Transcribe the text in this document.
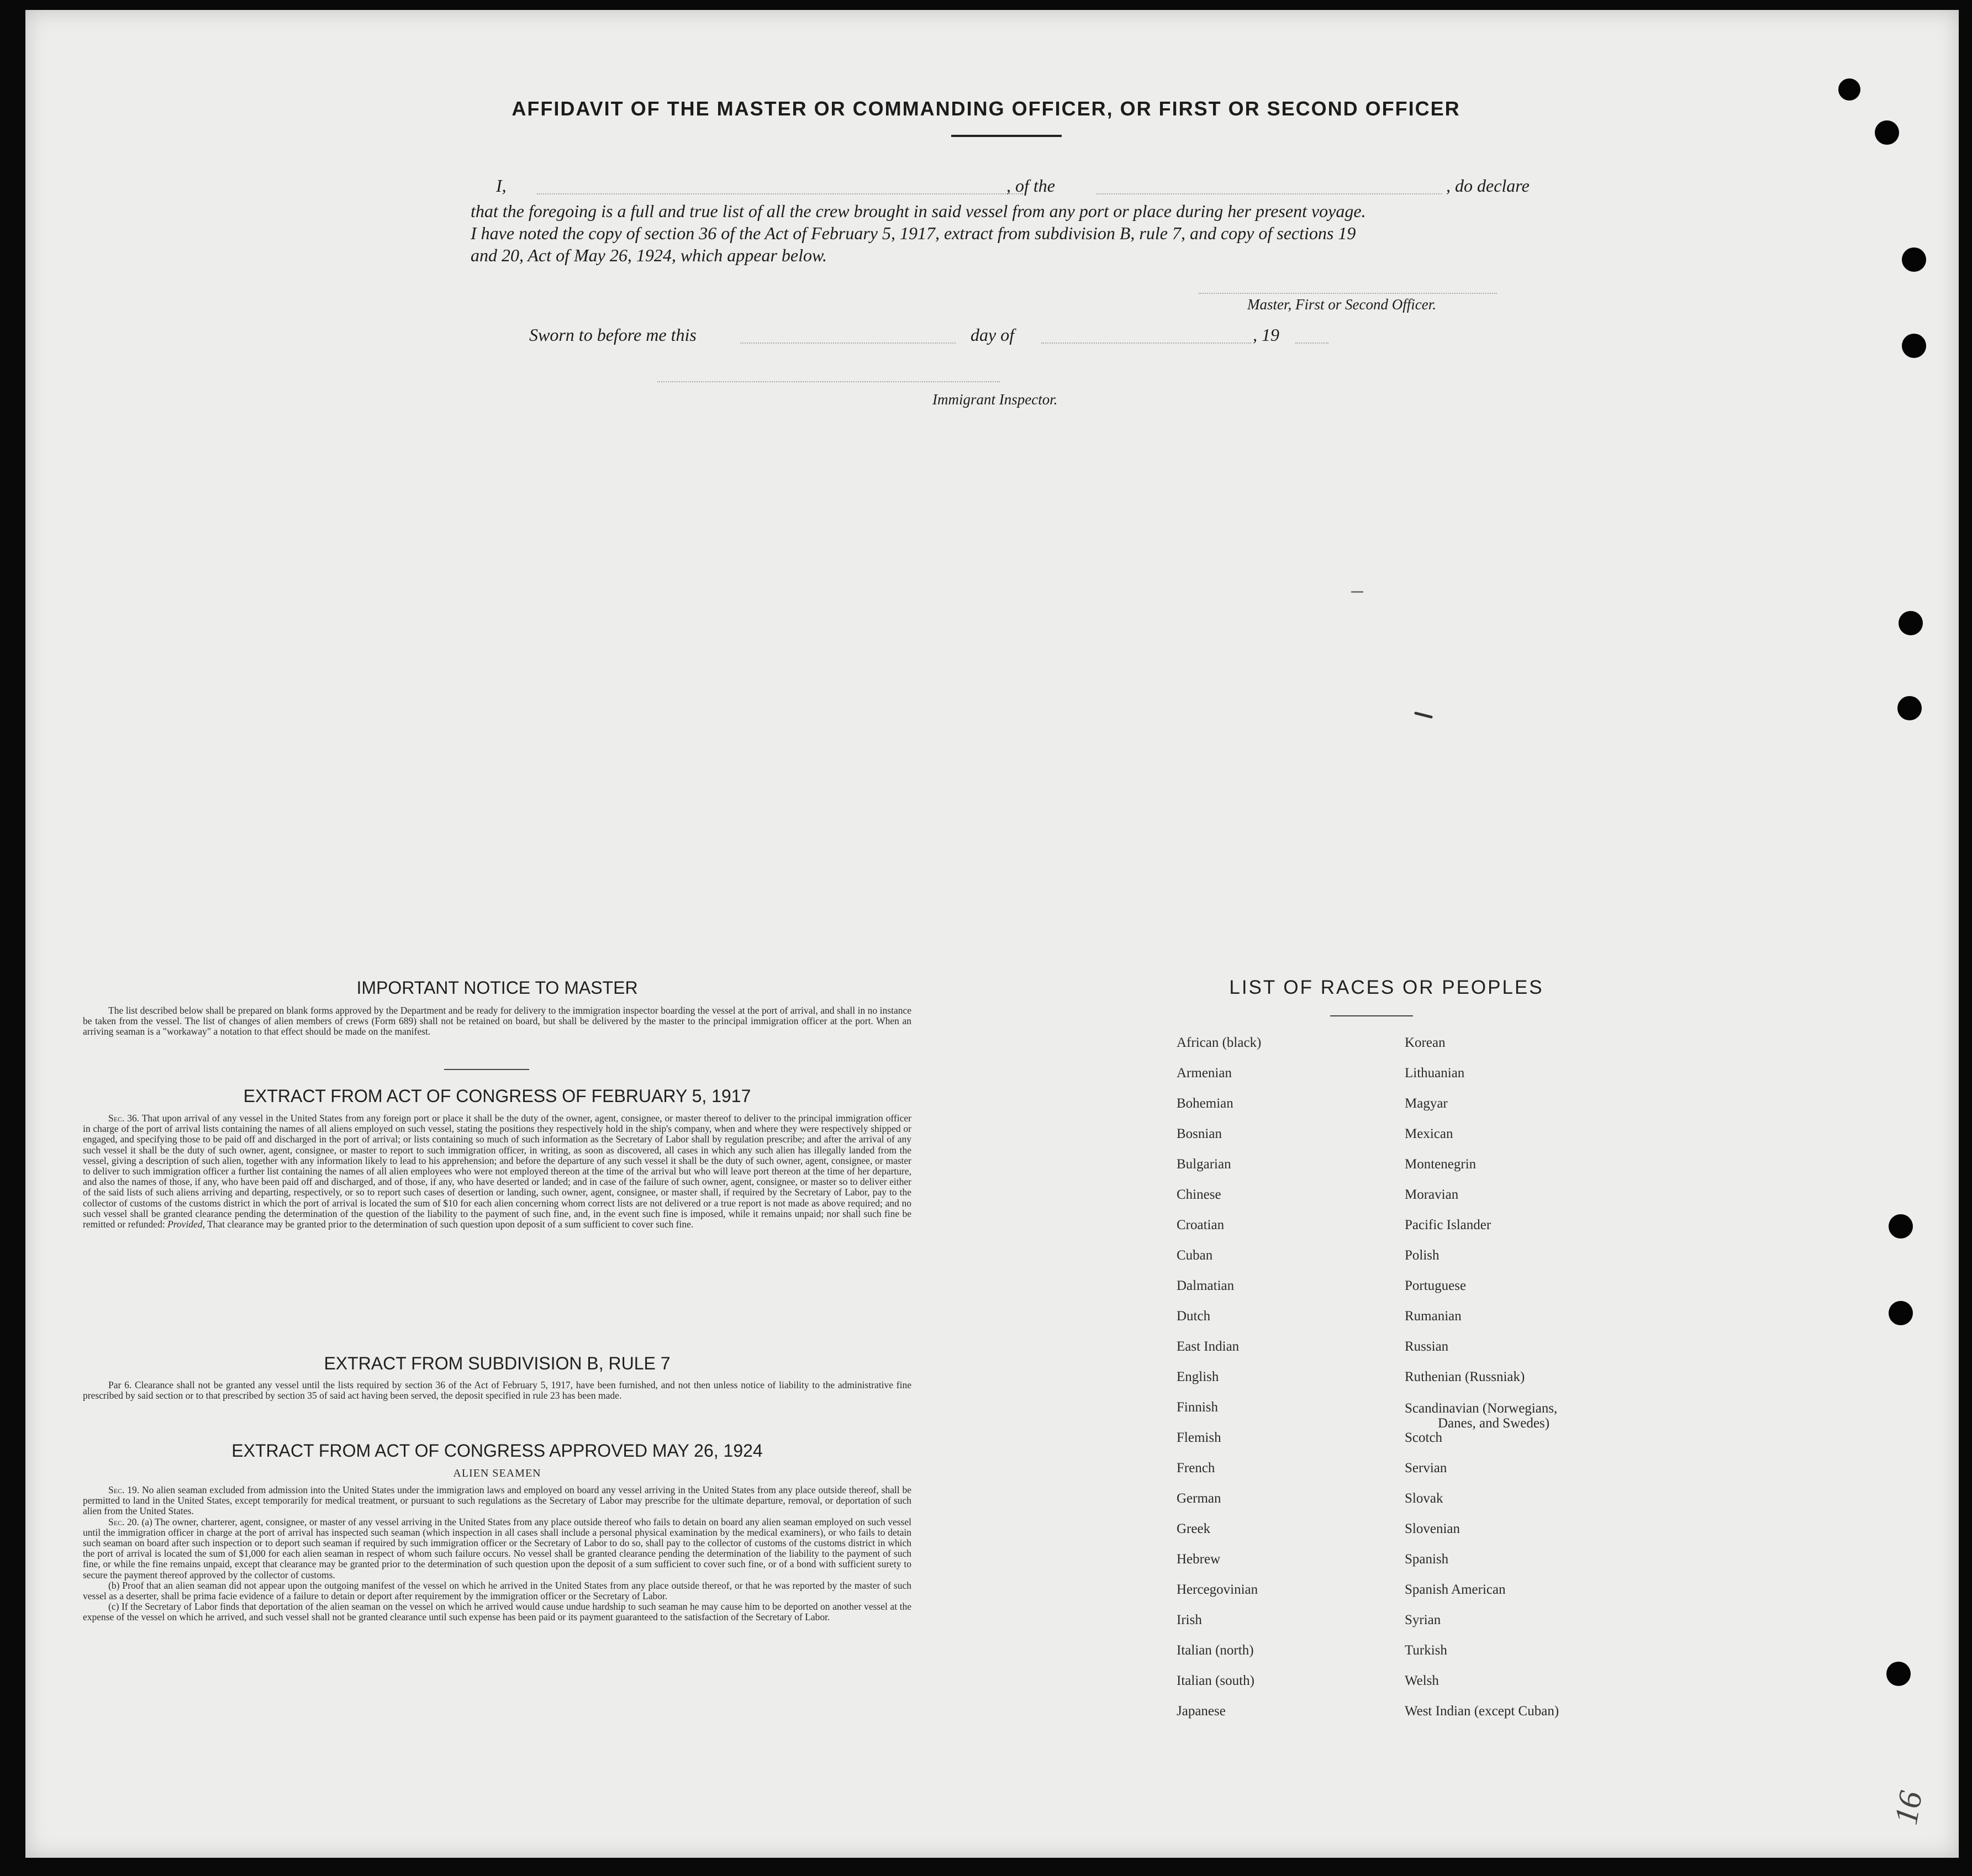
AFFIDAVIT OF THE MASTER OR COMMANDING OFFICER, OR FIRST OR SECOND OFFICER
I,	, of the	, do declare
that the foregoing is a full and true list of all the crew brought in said vessel from any port or place during her present voyage.
I have noted the copy of section 36 of the Act of February 5, 1917, extract from subdivision B, rule 7, and copy of sections 19
and 20, Act of May 26, 1924, which appear below.
Master, First or Second Officer.
Sworn to before me this	day of	, 19
Immigrant Inspector.
IMPORTANT NOTICE TO MASTER

The list described below shall be prepared on blank forms approved by the Department and be ready for delivery to the immigration inspector boarding the vessel at the port of arrival, and shall in no instance be taken from the vessel. The list of changes of alien members of crews (Form 689) shall not be retained on board, but shall be delivered by the master to the principal immigration officer at the port. When an arriving seaman is a "workaway" a notation to that effect should be made on the manifest.

EXTRACT FROM ACT OF CONGRESS OF FEBRUARY 5, 1917

Sec. 36. That upon arrival of any vessel in the United States from any foreign port or place it shall be the duty of the owner, agent, consignee, or master thereof to deliver to the principal immigration officer in charge of the port of arrival lists containing the names of all aliens employed on such vessel, stating the positions they respectively hold in the ship's company, when and where they were respectively shipped or engaged, and specifying those to be paid off and discharged in the port of arrival; or lists containing so much of such information as the Secretary of Labor shall by regulation prescribe; and after the arrival of any such vessel it shall be the duty of such owner, agent, consignee, or master to report to such immigration officer, in writing, as soon as discovered, all cases in which any such alien has illegally landed from the vessel, giving a description of such alien, together with any information likely to lead to his apprehension; and before the departure of any such vessel it shall be the duty of such owner, agent, consignee, or master to deliver to such immigration officer a further list containing the names of all alien employees who were not employed thereon at the time of the arrival but who will leave port thereon at the time of her departure, and also the names of those, if any, who have been paid off and discharged, and of those, if any, who have deserted or landed; and in case of the failure of such owner, agent, consignee, or master so to deliver either of the said lists of such aliens arriving and departing, respectively, or so to report such cases of desertion or landing, such owner, agent, consignee, or master shall, if required by the Secretary of Labor, pay to the collector of customs of the customs district in which the port of arrival is located the sum of $10 for each alien concerning whom correct lists are not delivered or a true report is not made as above required; and no such vessel shall be granted clearance pending the determination of the question of the liability to the payment of such fine, and, in the event such fine is imposed, while it remains unpaid; nor shall such fine be remitted or refunded: Provided, That clearance may be granted prior to the determination of such question upon deposit of a sum sufficient to cover such fine.

EXTRACT FROM SUBDIVISION B, RULE 7

Par 6. Clearance shall not be granted any vessel until the lists required by section 36 of the Act of February 5, 1917, have been furnished, and not then unless notice of liability to the administrative fine prescribed by said section or to that prescribed by section 35 of said act having been served, the deposit specified in rule 23 has been made.

EXTRACT FROM ACT OF CONGRESS APPROVED MAY 26, 1924
ALIEN SEAMEN

Sec. 19. No alien seaman excluded from admission into the United States under the immigration laws and employed on board any vessel arriving in the United States from any place outside thereof, shall be permitted to land in the United States, except temporarily for medical treatment, or pursuant to such regulations as the Secretary of Labor may prescribe for the ultimate departure, removal, or deportation of such alien from the United States.

Sec. 20. (a) The owner, charterer, agent, consignee, or master of any vessel arriving in the United States from any place outside thereof who fails to detain on board any alien seaman employed on such vessel until the immigration officer in charge at the port of arrival has inspected such seaman (which inspection in all cases shall include a personal physical examination by the medical examiners), or who fails to detain such seaman on board after such inspection or to deport such seaman if required by such immigration officer or the Secretary of Labor to do so, shall pay to the collector of customs of the customs district in which the port of arrival is located the sum of $1,000 for each alien seaman in respect of whom such failure occurs. No vessel shall be granted clearance pending the determination of the liability to the payment of such fine, or while the fine remains unpaid, except that clearance may be granted prior to the determination of such question upon the deposit of a sum sufficient to cover such fine, or of a bond with sufficient surety to secure the payment thereof approved by the collector of customs.

(b) Proof that an alien seaman did not appear upon the outgoing manifest of the vessel on which he arrived in the United States from any place outside thereof, or that he was reported by the master of such vessel as a deserter, shall be prima facie evidence of a failure to detain or deport after requirement by the immigration officer or the Secretary of Labor.

(c) If the Secretary of Labor finds that deportation of the alien seaman on the vessel on which he arrived would cause undue hardship to such seaman he may cause him to be deported on another vessel at the expense of the vessel on which he arrived, and such vessel shall not be granted clearance until such expense has been paid or its payment guaranteed to the satisfaction of the Secretary of Labor.

LIST OF RACES OR PEOPLES
African (black)
Armenian
Bohemian
Bosnian
Bulgarian
Chinese
Croatian
Cuban
Dalmatian
Dutch
East Indian
English
Finnish
Flemish
French
German
Greek
Hebrew
Hercegovinian
Irish
Italian (north)
Italian (south)
Japanese
Korean
Lithuanian
Magyar
Mexican
Montenegrin
Moravian
Pacific Islander
Polish
Portuguese
Rumanian
Russian
Ruthenian (Russniak)
Scandinavian (Norwegians,
Danes, and Swedes)
Scotch
Servian
Slovak
Slovenian
Spanish
Spanish American
Syrian
Turkish
Welsh
West Indian (except Cuban)
16
